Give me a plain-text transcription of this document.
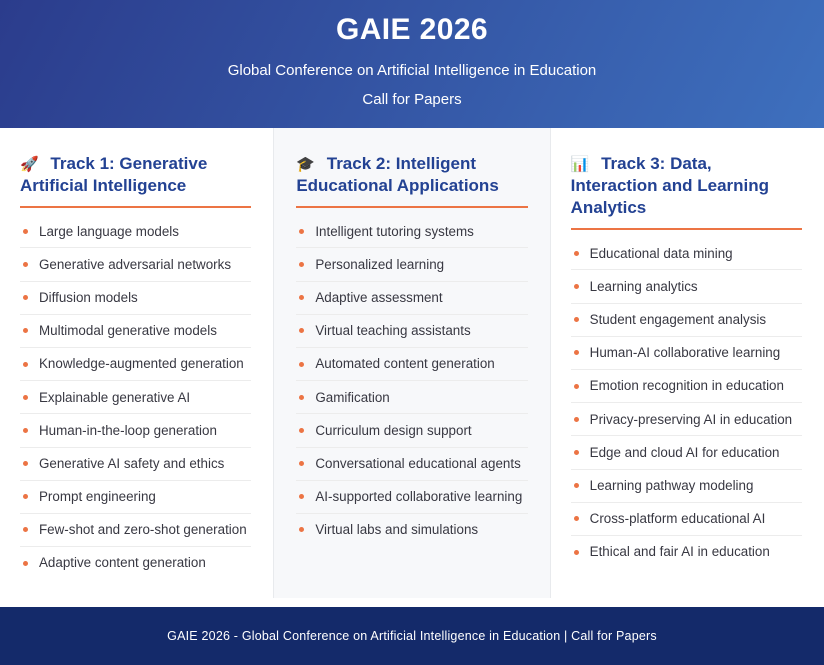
GAIE 2026
Global Conference on Artificial Intelligence in Education
Call for Papers
🚀 Track 1: Generative Artificial Intelligence
Large language models
Generative adversarial networks
Diffusion models
Multimodal generative models
Knowledge-augmented generation
Explainable generative AI
Human-in-the-loop generation
Generative AI safety and ethics
Prompt engineering
Few-shot and zero-shot generation
Adaptive content generation
🎓 Track 2: Intelligent Educational Applications
Intelligent tutoring systems
Personalized learning
Adaptive assessment
Virtual teaching assistants
Automated content generation
Gamification
Curriculum design support
Conversational educational agents
AI-supported collaborative learning
Virtual labs and simulations
📊 Track 3: Data, Interaction and Learning Analytics
Educational data mining
Learning analytics
Student engagement analysis
Human-AI collaborative learning
Emotion recognition in education
Privacy-preserving AI in education
Edge and cloud AI for education
Learning pathway modeling
Cross-platform educational AI
Ethical and fair AI in education
GAIE 2026 - Global Conference on Artificial Intelligence in Education | Call for Papers
